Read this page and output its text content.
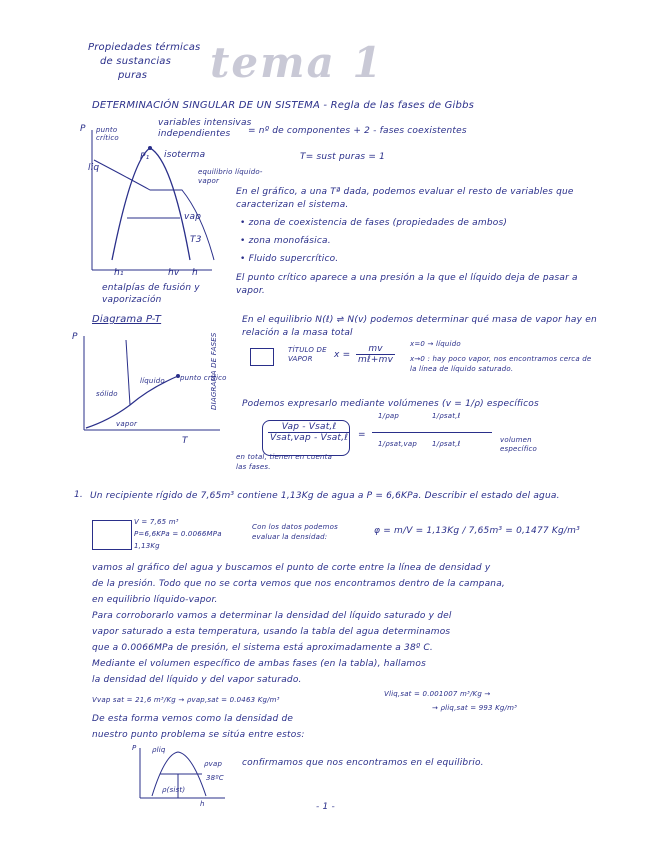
Propiedades térmicas
de sustancias
puras tema 1
DETERMINACIÓN SINGULAR DE UN SISTEMA - Regla de las fases de Gibbs
variables intensivas independientes	= nº de componentes + 2 - fases coexistentes
T= sust puras = 1
P punto crítico
P₁ isoterma
liq	equilibrio líquido-vapor
vap
T3
h₁	hv h
entalpías de fusión y vaporización
En el gráfico, a una Tª dada, podemos evaluar el resto de variables que caracterizan el sistema.
• zona de coexistencia de fases (propiedades de ambos)
• zona monofásica.
• Fluido supercrítico.
El punto crítico aparece a una presión a la que el líquido deja de pasar a vapor.
Diagrama P-T
P
T
sólido
líquido
vapor
punto crítico
DIAGRAMA DE FASES
En el equilibrio N(ℓ) ⇌ N(v) podemos determinar qué masa de vapor hay en relación a la masa total
TÍTULO DE VAPOR	x =
mv
mℓ+mv
x=0 → líquido
x→0 : hay poco vapor, nos encontramos cerca de la línea de líquido saturado.
Podemos expresarlo mediante volúmenes (v = 1/ρ) específicos
Vap - Vsat,ℓ
Vsat,vap - Vsat,ℓ =
1/ρap	1/ρsat,ℓ
1/ρsat,vap 1/ρsat,ℓ	volumen específico
en total, tienen en cuenta las fases.
1. Un recipiente rígido de 7,65m³ contiene 1,13Kg de agua a P = 6,6KPa. Describir el estado del agua.
V = 7,65 m³
P=6,6KPa = 0.0066MPa
1,13Kg
Con los datos podemos evaluar la densidad:
φ = m/V = 1,13Kg / 7,65m³ = 0,1477 Kg/m³
vamos al gráfico del agua y buscamos el punto de corte entre la línea de densidad y
de la presión. Todo que no se corta vemos que nos encontramos dentro de la campana,
en equilibrio líquido-vapor.
Para corroborarlo vamos a determinar la densidad del líquido saturado y del
vapor saturado a esta temperatura, usando la tabla del agua determinamos
que a 0.0066MPa de presión, el sistema está aproximadamente a 38º C.
Mediante el volumen específico de ambas fases (en la tabla), hallamos
la densidad del líquido y del vapor saturado.
Vvap sat = 21,6 m³/Kg → ρvap,sat = 0.0463 Kg/m³
Vliq,sat = 0.001007 m³/Kg →
→ ρliq,sat = 993 Kg/m³
De esta forma vemos como la densidad de
nuestro punto problema se sitúa entre estos:
P ρliq
ρvap
38ºC
ρ(sist)
h
confirmamos que nos encontramos en el equilibrio.
- 1 -
